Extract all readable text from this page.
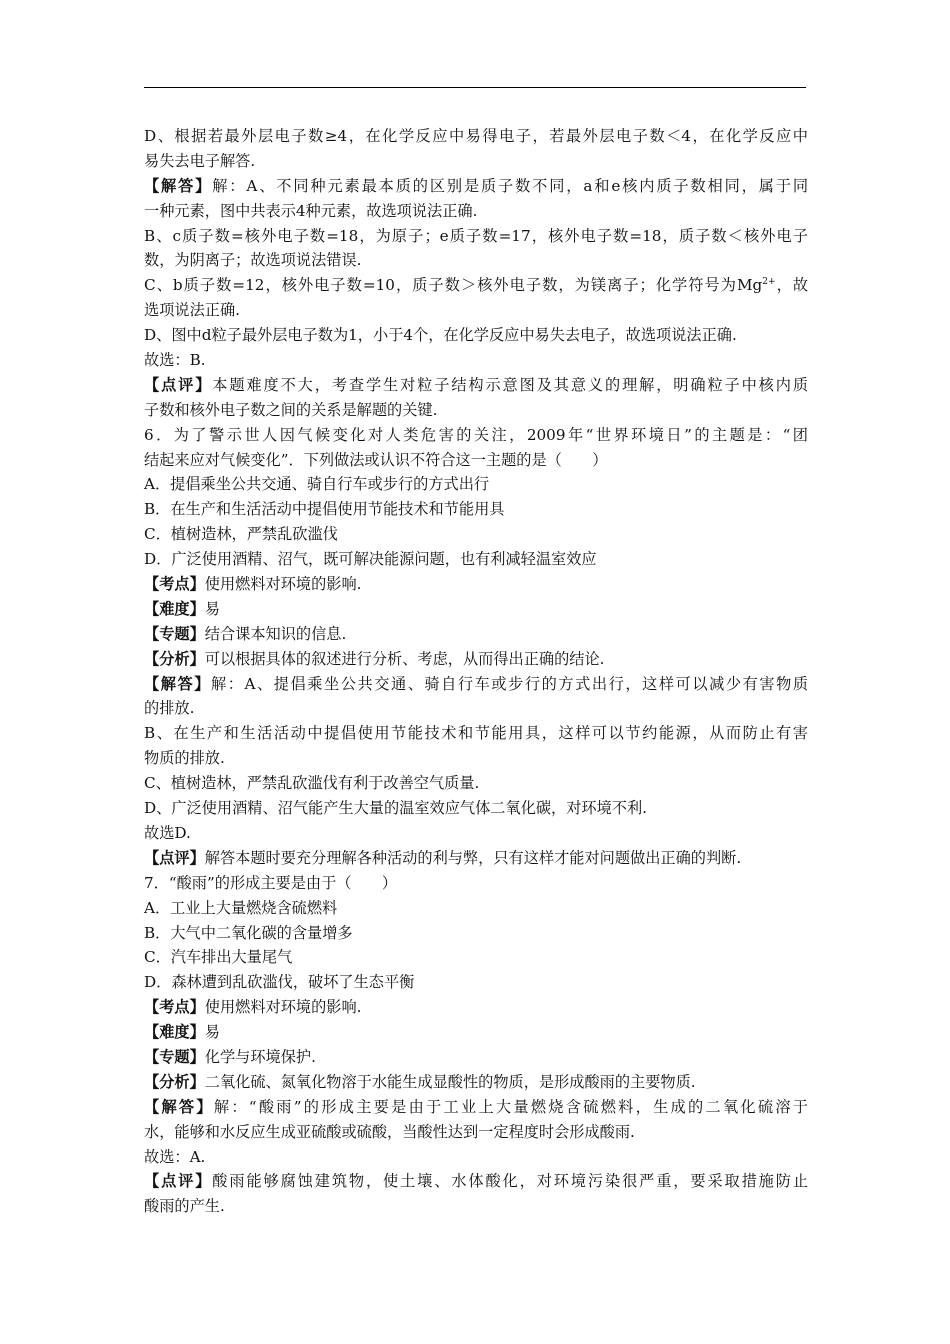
D、根据若最外层电子数≥4，在化学反应中易得电子，若最外层电子数＜4，在化学反应中
易失去电子解答.
【解答】解：A、不同种元素最本质的区别是质子数不同，a和e核内质子数相同，属于同
一种元素，图中共表示4种元素，故选项说法正确.
B、c质子数=核外电子数=18，为原子；e质子数=17，核外电子数=18，质子数＜核外电子
数，为阴离子；故选项说法错误.
C、b质子数=12，核外电子数=10，质子数＞核外电子数，为镁离子；化学符号为$Mg^{2+}$，故
选项说法正确.
D、图中d粒子最外层电子数为1，小于4个，在化学反应中易失去电子，故选项说法正确.
故选：B.
【点评】本题难度不大，考查学生对粒子结构示意图及其意义的理解，明确粒子中核内质
子数和核外电子数之间的关系是解题的关键.
6．为了警示世人因气候变化对人类危害的关注，2009年“世界环境日”的主题是：“团
结起来应对气候变化”．下列做法或认识不符合这一主题的是（　　）
A．提倡乘坐公共交通、骑自行车或步行的方式出行
B．在生产和生活活动中提倡使用节能技术和节能用具
C．植树造林，严禁乱砍滥伐
D．广泛使用酒精、沼气，既可解决能源问题，也有利减轻温室效应
【考点】使用燃料对环境的影响.
【难度】易
【专题】结合课本知识的信息.
【分析】可以根据具体的叙述进行分析、考虑，从而得出正确的结论.
【解答】解：A、提倡乘坐公共交通、骑自行车或步行的方式出行，这样可以减少有害物质
的排放.
B、在生产和生活活动中提倡使用节能技术和节能用具，这样可以节约能源，从而防止有害
物质的排放.
C、植树造林，严禁乱砍滥伐有利于改善空气质量.
D、广泛使用酒精、沼气能产生大量的温室效应气体二氧化碳，对环境不利.
故选D.
【点评】解答本题时要充分理解各种活动的利与弊，只有这样才能对问题做出正确的判断.
7．“酸雨”的形成主要是由于（　　）
A．工业上大量燃烧含硫燃料
B．大气中二氧化碳的含量增多
C．汽车排出大量尾气
D．森林遭到乱砍滥伐，破坏了生态平衡
【考点】使用燃料对环境的影响.
【难度】易
【专题】化学与环境保护.
【分析】二氧化硫、氮氧化物溶于水能生成显酸性的物质，是形成酸雨的主要物质.
【解答】解：“酸雨”的形成主要是由于工业上大量燃烧含硫燃料，生成的二氧化硫溶于
水，能够和水反应生成亚硫酸或硫酸，当酸性达到一定程度时会形成酸雨.
故选：A.
【点评】酸雨能够腐蚀建筑物，使土壤、水体酸化，对环境污染很严重，要采取措施防止
酸雨的产生.
